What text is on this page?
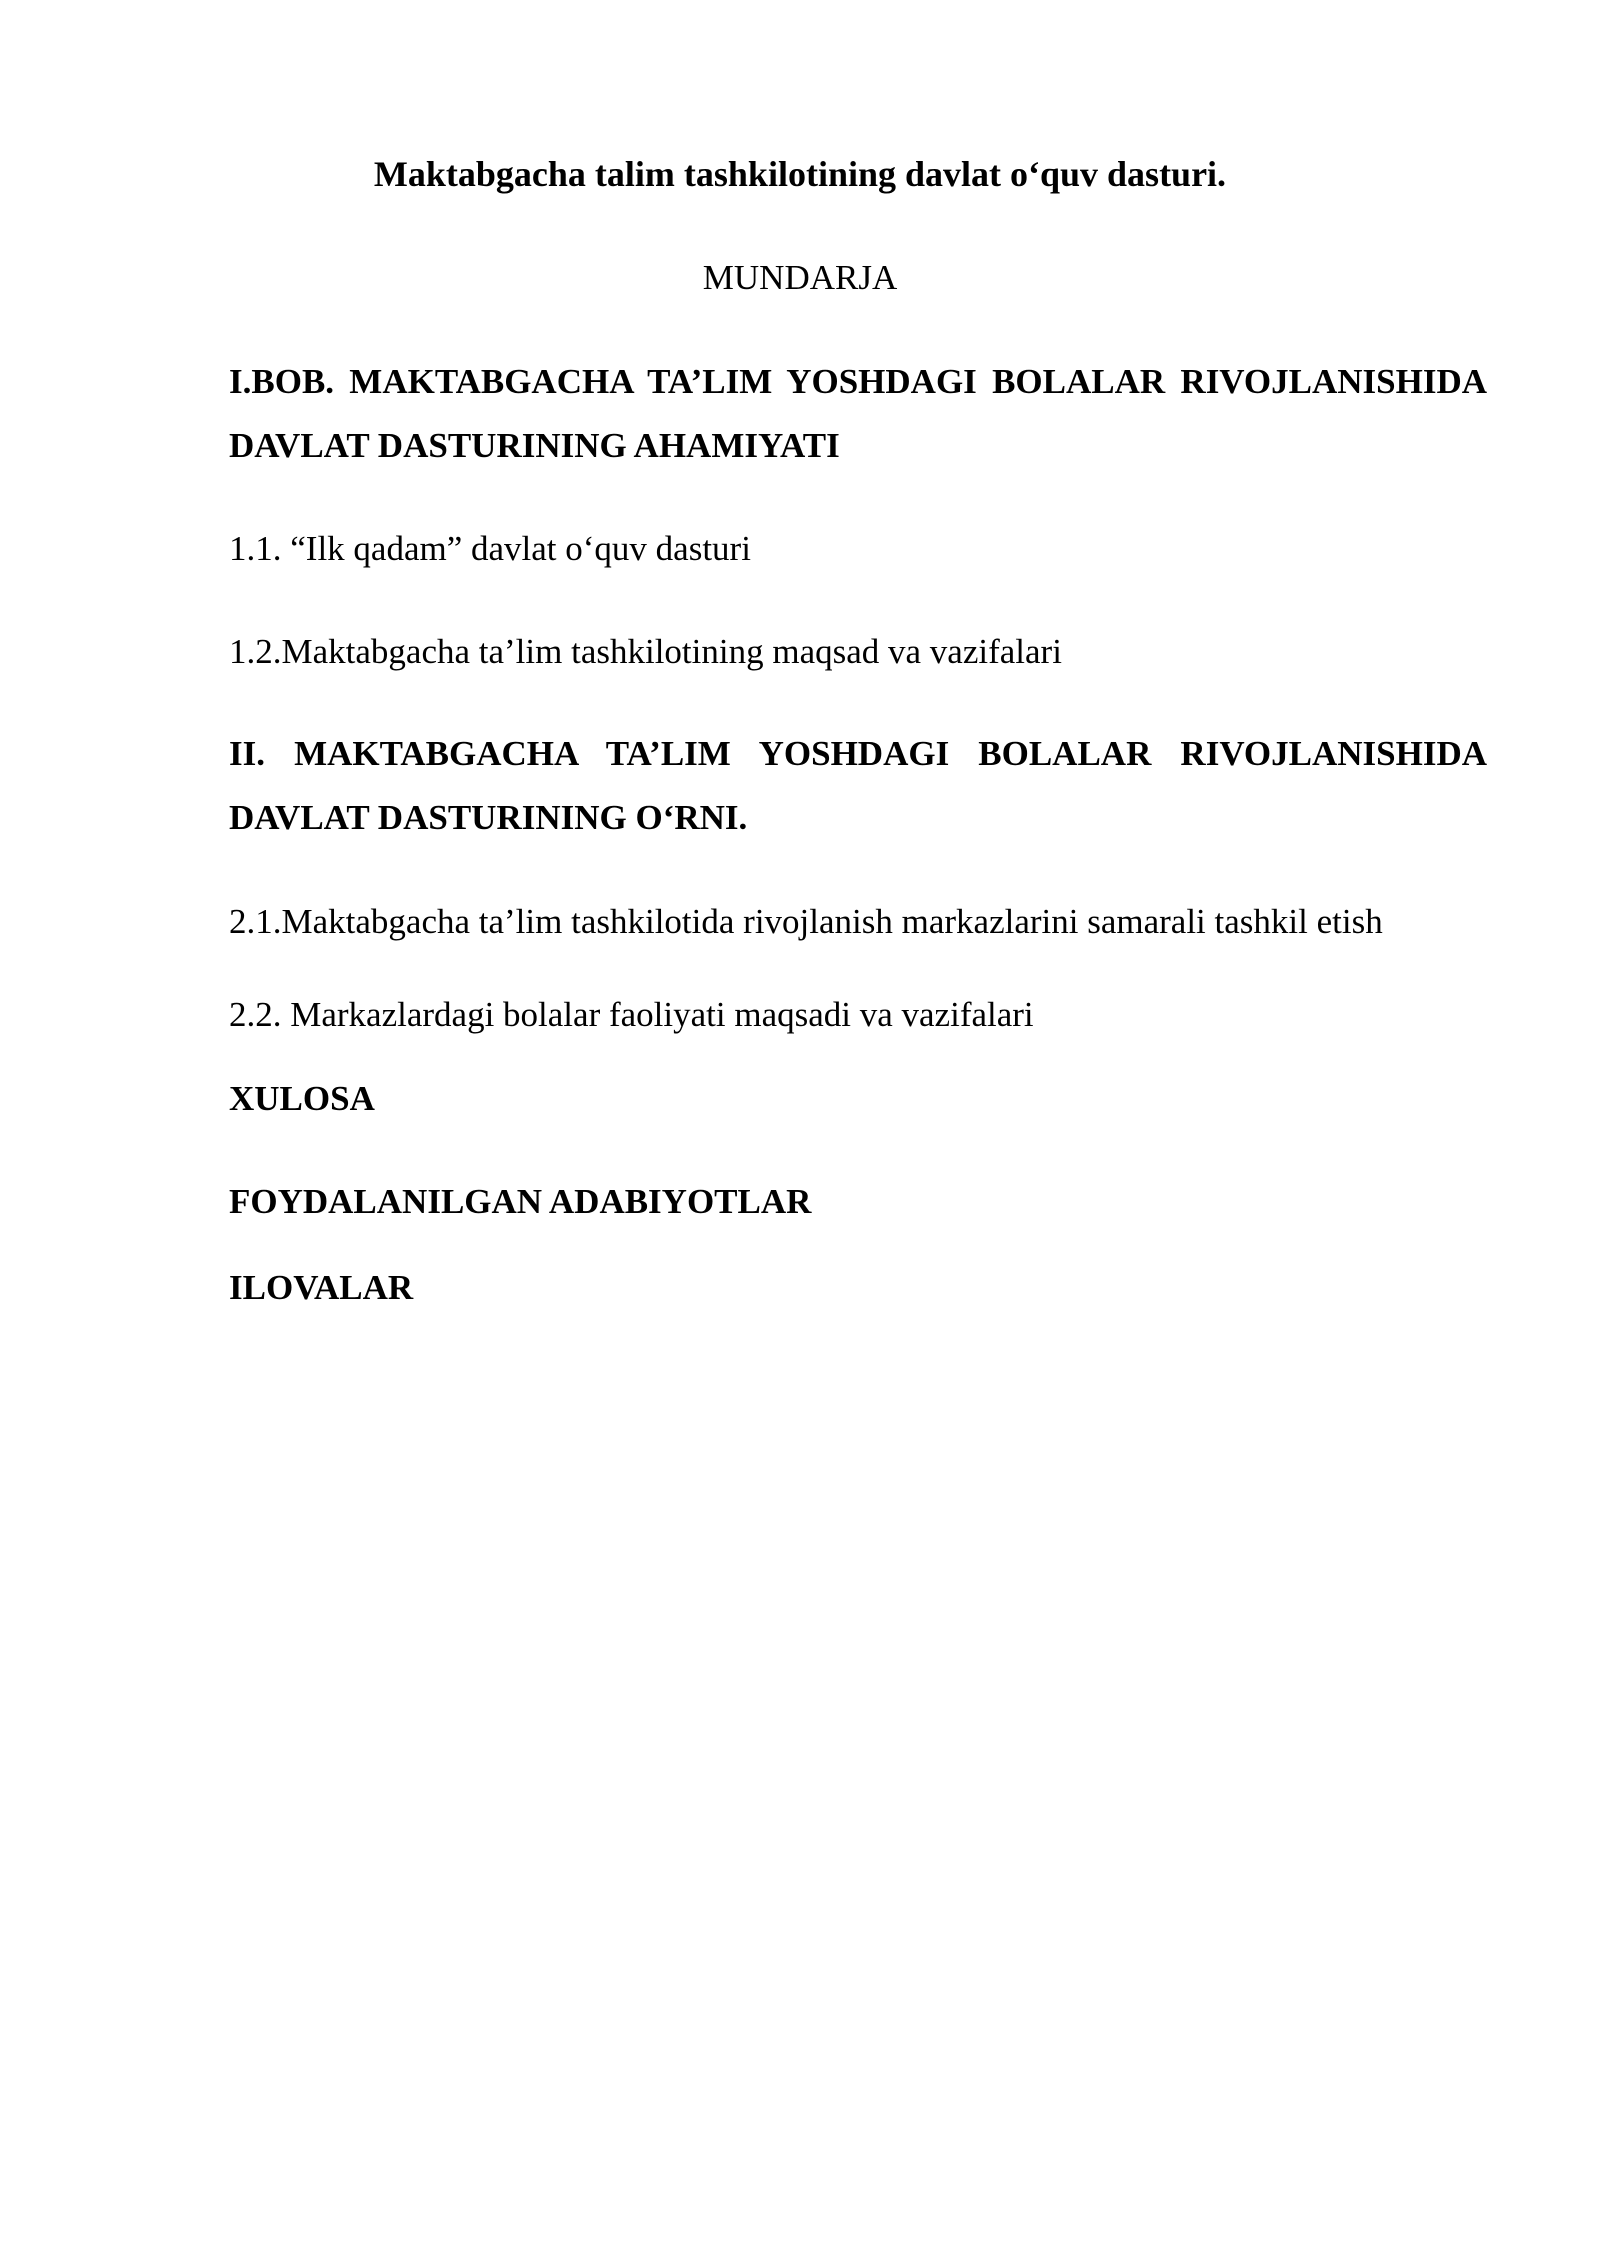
Maktabgacha talim tashkilotining davlat o‘quv dasturi.
MUNDARJA

I.BOB. MAKTABGACHA TA’LIM YOSHDAGI BOLALAR RIVOJLANISHIDA DAVLAT DASTURINING AHAMIYATI

1.1. “Ilk qadam” davlat o‘quv dasturi

1.2.Maktabgacha ta’lim tashkilotining maqsad va vazifalari

II. MAKTABGACHA TA’LIM YOSHDAGI BOLALAR RIVOJLANISHIDA DAVLAT DASTURINING O‘RNI.

2.1.Maktabgacha ta’lim tashkilotida rivojlanish markazlarini samarali tashkil etish

2.2. Markazlardagi bolalar faoliyati maqsadi va vazifalari

XULOSA

FOYDALANILGAN ADABIYOTLAR

ILOVALAR
